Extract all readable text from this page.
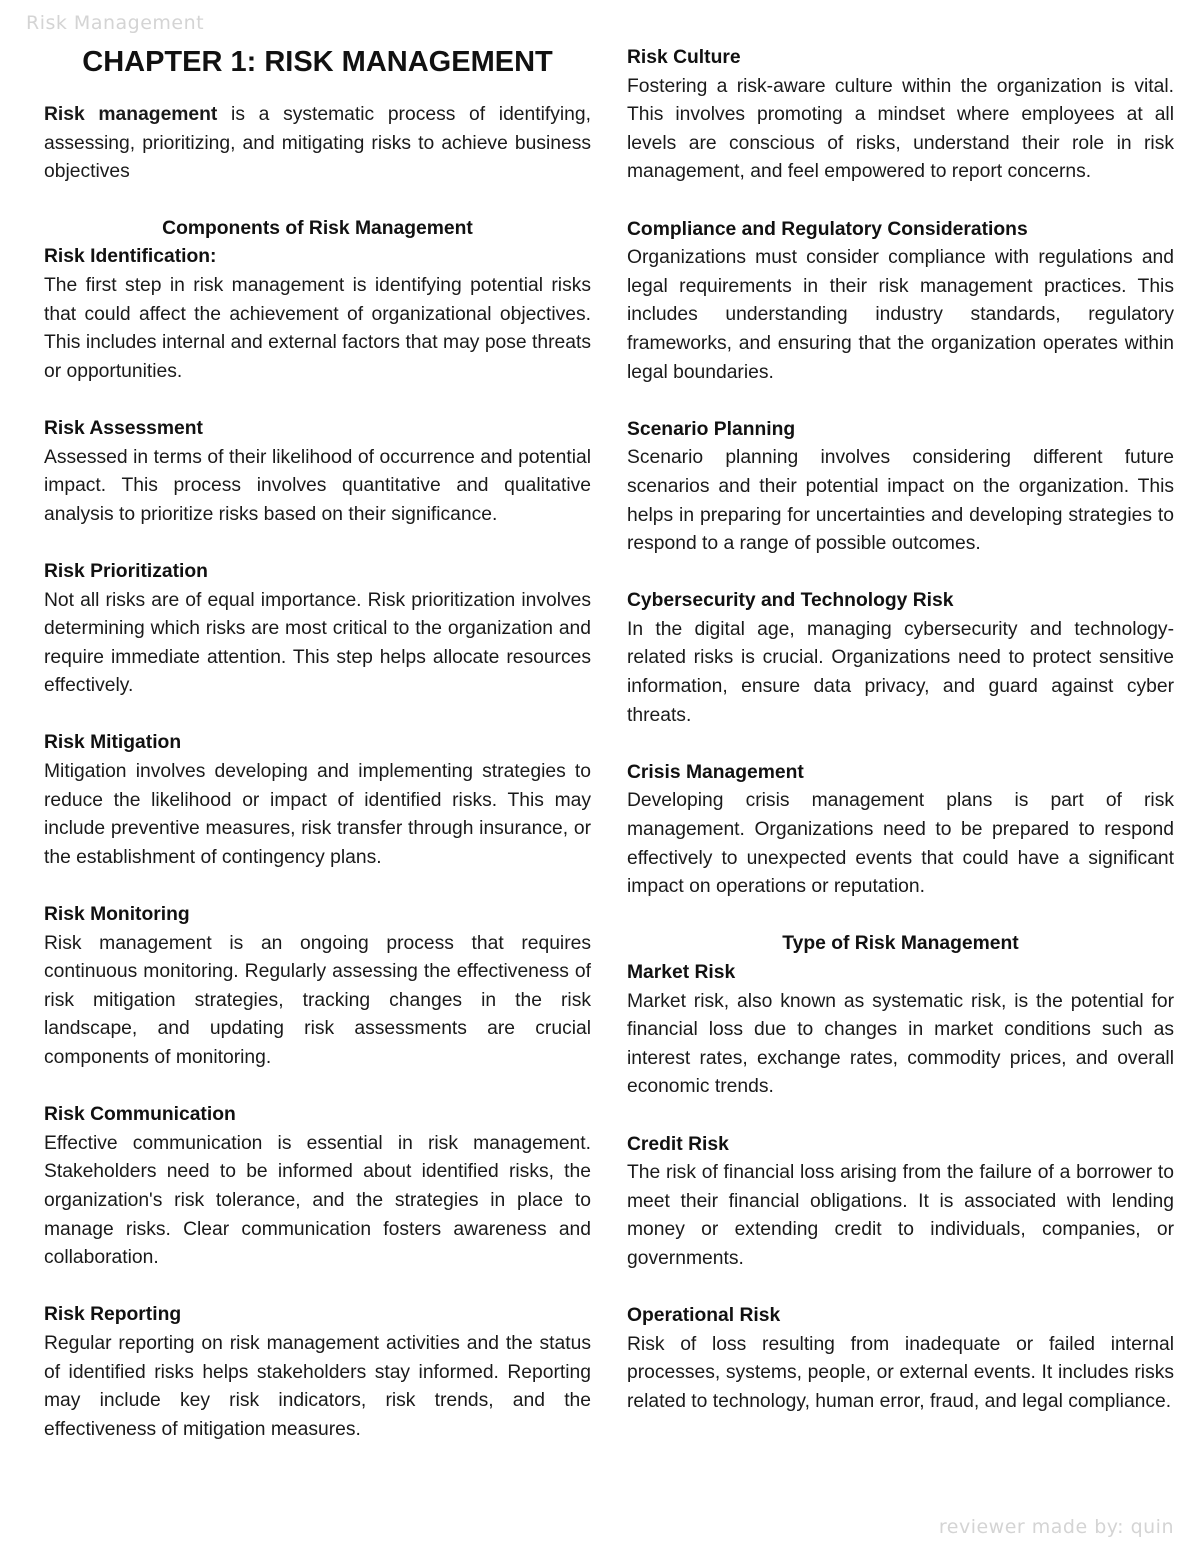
Risk Management
CHAPTER 1: RISK MANAGEMENT

Risk management is a systematic process of identifying, assessing, prioritizing, and mitigating risks to achieve business objectives

Components of Risk Management

Risk Identification:

The first step in risk management is identifying potential risks that could affect the achievement of organizational objectives. This includes internal and external factors that may pose threats or opportunities.

Risk Assessment

Assessed in terms of their likelihood of occurrence and potential impact. This process involves quantitative and qualitative analysis to prioritize risks based on their significance.

Risk Prioritization

Not all risks are of equal importance. Risk prioritization involves determining which risks are most critical to the organization and require immediate attention. This step helps allocate resources effectively.

Risk Mitigation

Mitigation involves developing and implementing strategies to reduce the likelihood or impact of identified risks. This may include preventive measures, risk transfer through insurance, or the establishment of contingency plans.

Risk Monitoring

Risk management is an ongoing process that requires continuous monitoring. Regularly assessing the effectiveness of risk mitigation strategies, tracking changes in the risk landscape, and updating risk assessments are crucial components of monitoring.

Risk Communication

Effective communication is essential in risk management. Stakeholders need to be informed about identified risks, the organization's risk tolerance, and the strategies in place to manage risks. Clear communication fosters awareness and collaboration.

Risk Reporting

Regular reporting on risk management activities and the status of identified risks helps stakeholders stay informed. Reporting may include key risk indicators, risk trends, and the effectiveness of mitigation measures.

Risk Culture

Fostering a risk-aware culture within the organization is vital. This involves promoting a mindset where employees at all levels are conscious of risks, understand their role in risk management, and feel empowered to report concerns.

Compliance and Regulatory Considerations

Organizations must consider compliance with regulations and legal requirements in their risk management practices. This includes understanding industry standards, regulatory frameworks, and ensuring that the organization operates within legal boundaries.

Scenario Planning

Scenario planning involves considering different future scenarios and their potential impact on the organization. This helps in preparing for uncertainties and developing strategies to respond to a range of possible outcomes.

Cybersecurity and Technology Risk

In the digital age, managing cybersecurity and technology-related risks is crucial. Organizations need to protect sensitive information, ensure data privacy, and guard against cyber threats.

Crisis Management

Developing crisis management plans is part of risk management. Organizations need to be prepared to respond effectively to unexpected events that could have a significant impact on operations or reputation.

Type of Risk Management

Market Risk

Market risk, also known as systematic risk, is the potential for financial loss due to changes in market conditions such as interest rates, exchange rates, commodity prices, and overall economic trends.

Credit Risk

The risk of financial loss arising from the failure of a borrower to meet their financial obligations. It is associated with lending money or extending credit to individuals, companies, or governments.

Operational Risk

Risk of loss resulting from inadequate or failed internal processes, systems, people, or external events. It includes risks related to technology, human error, fraud, and legal compliance.

reviewer made by: quin
